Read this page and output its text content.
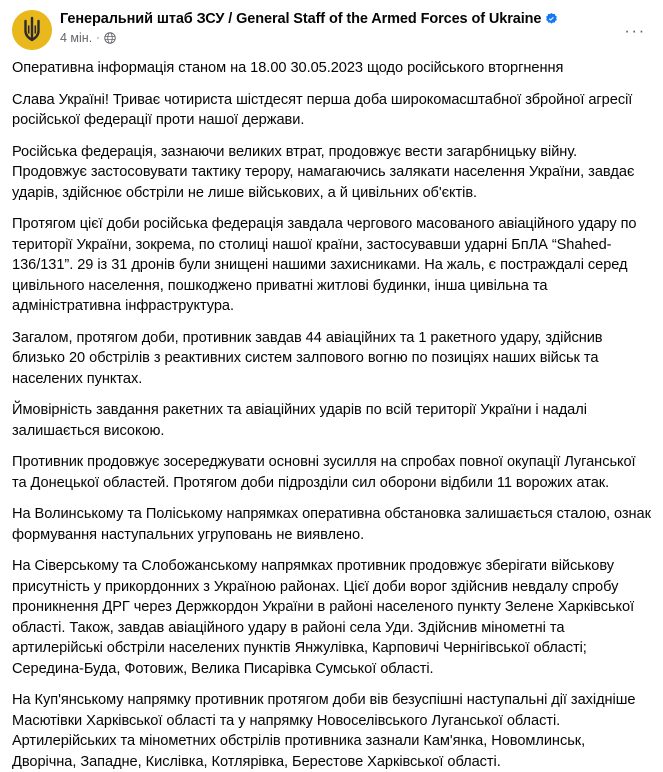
Генеральний штаб ЗСУ / General Staff of the Armed Forces of Ukraine
4 мін. ·	···

Оперативна інформація станом на 18.00 30.05.2023 щодо російського вторгнення

Слава Україні! Триває чотириста шістдесят перша доба широкомасштабної збройної агресії російської федерації проти нашої держави.

Російська федерація, зазнаючи великих втрат, продовжує вести загарбницьку війну. Продовжує застосовувати тактику терору, намагаючись залякати населення України, завдає ударів, здійснює обстріли не лише військових, а й цивільних об'єктів.

Протягом цієї доби російська федерація завдала чергового масованого авіаційного удару по території України, зокрема, по столиці нашої країни, застосувавши ударні БпЛА “Shahed-136/131”. 29 із 31 дронів були знищені нашими захисниками. На жаль, є постраждалі серед цивільного населення, пошкоджено приватні житлові будинки, інша цивільна та адміністративна інфраструктура.

Загалом, протягом доби, противник завдав 44 авіаційних та 1 ракетного удару, здійснив близько 20 обстрілів з реактивних систем залпового вогню по позиціях наших військ та населених пунктах.

Ймовірність завдання ракетних та авіаційних ударів по всій території України і надалі залишається високою.

Противник продовжує зосереджувати основні зусилля на спробах повної окупації Луганської та Донецької областей. Протягом доби підрозділи сил оборони відбили 11 ворожих атак.

На Волинському та Поліському напрямках оперативна обстановка залишається сталою, ознак формування наступальних угруповань не виявлено.

На Сіверському та Слобожанському напрямках противник продовжує зберігати військову присутність у прикордонних з Україною районах. Цієї доби ворог здійснив невдалу спробу проникнення ДРГ через Держкордон України в районі населеного пункту Зелене Харківської області. Також, завдав авіаційного удару в районі села Уди. Здійснив мінометні та артилерійські обстріли населених пунктів Янжулівка, Карповичі Чернігівської області; Середина-Буда, Фотовиж, Велика Писарівка Сумської області.

На Куп'янському напрямку противник протягом доби вів безуспішні наступальні дії західніше Масютівки Харківської області та у напрямку Новоселівського Луганської області. Артилерійських та мінометних обстрілів противника зазнали Кам'янка, Новомлинськ, Дворічна, Западне, Кислівка, Котлярівка, Берестове Харківської області.
